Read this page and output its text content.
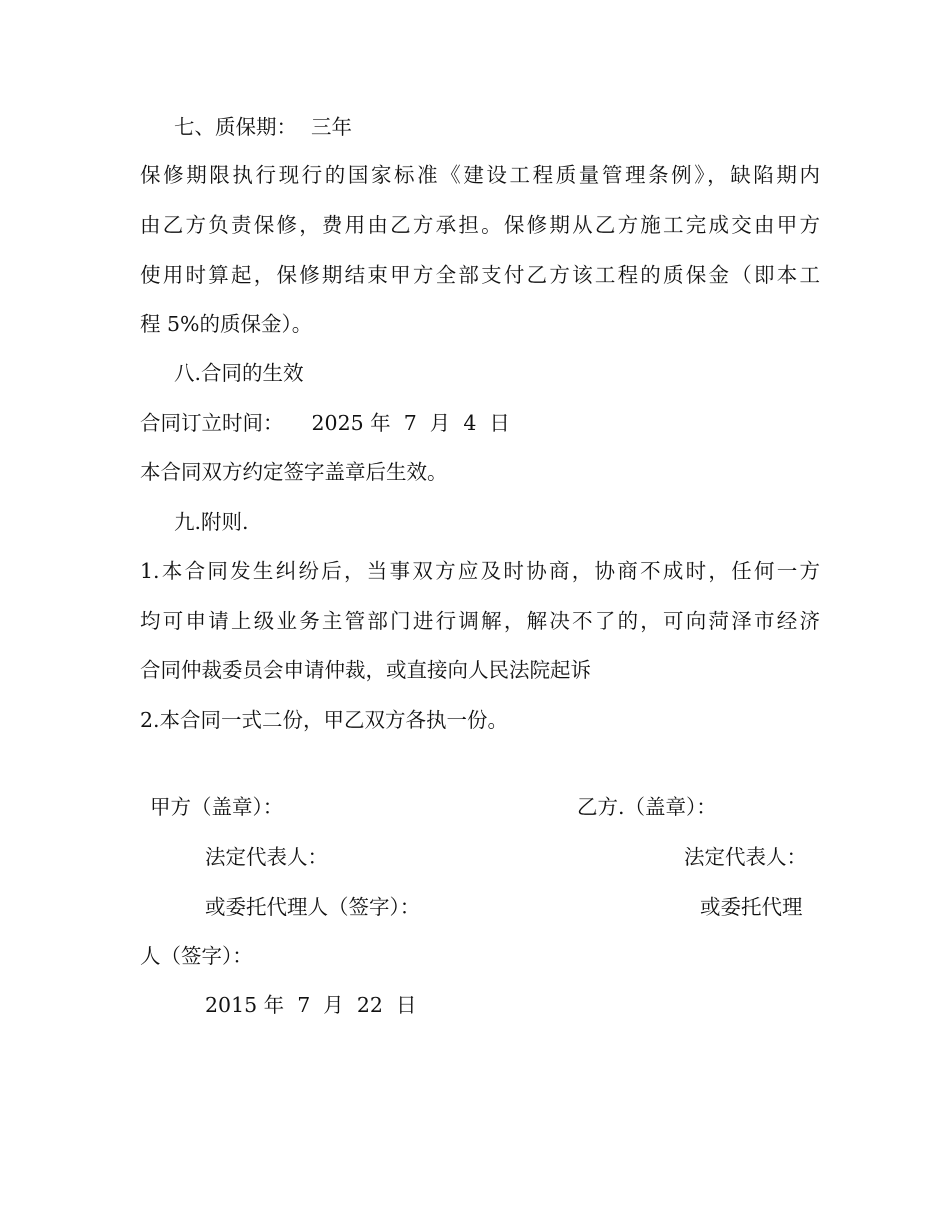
七、质保期： 三年
保修期限执行现行的国家标准《建设工程质量管理条例》，缺陷期内
由乙方负责保修，费用由乙方承担。保修期从乙方施工完成交由甲方
使用时算起，保修期结束甲方全部支付乙方该工程的质保金（即本工
程 5%的质保金）。
八.合同的生效
合同订立时间： 2025 年  7  月  4  日
本合同双方约定签字盖章后生效。
九.附则.
1.本合同发生纠纷后，当事双方应及时协商，协商不成时，任何一方
均可申请上级业务主管部门进行调解，解决不了的，可向菏泽市经济
合同仲裁委员会申请仲裁，或直接向人民法院起诉
2.本合同一式二份，甲乙双方各执一份。
甲方（盖章）：	乙方.（盖章）：
法定代表人：	法定代表人：
或委托代理人（签字）：	或委托代理
人（签字）：
2015 年  7  月  22  日
